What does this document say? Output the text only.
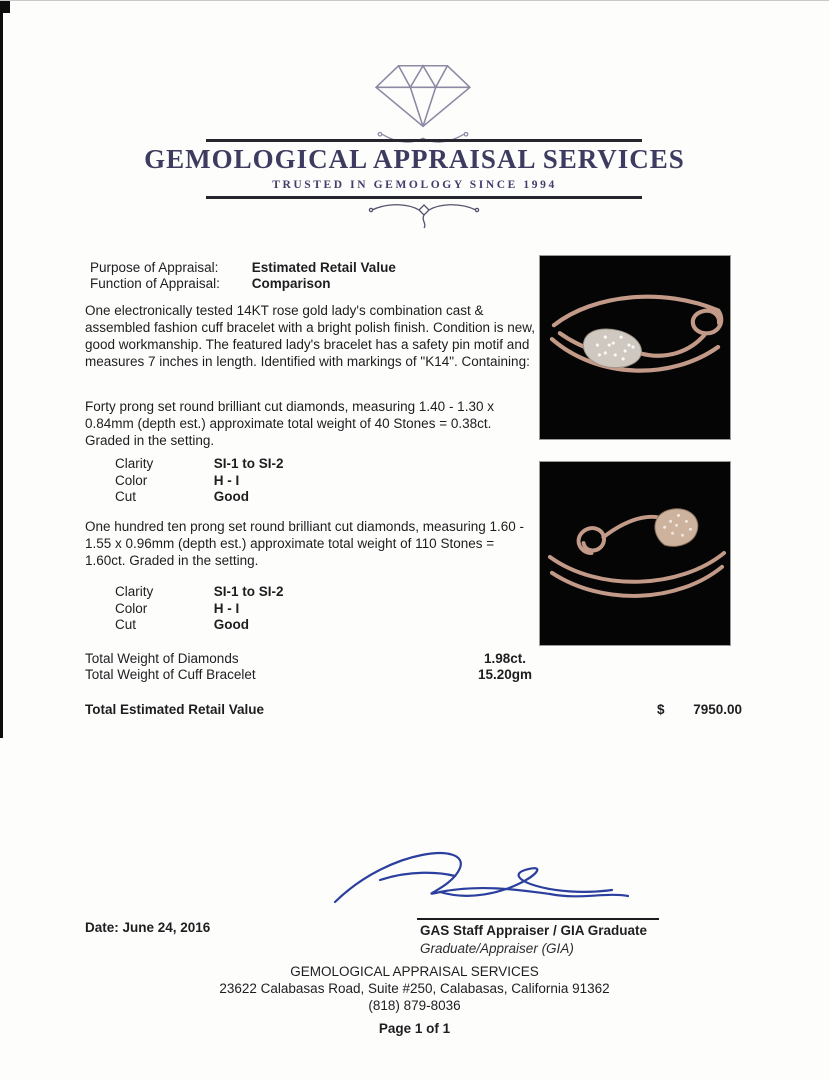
GEMOLOGICAL APPRAISAL SERVICES
TRUSTED IN GEMOLOGY SINCE 1994
Purpose of Appraisal: Estimated Retail Value
Function of Appraisal: Comparison

One electronically tested 14KT rose gold lady's combination cast & assembled fashion cuff bracelet with a bright polish finish. Condition is new, good workmanship. The featured lady's bracelet has a safety pin motif and measures 7 inches in length. Identified with markings of "K14". Containing:

Forty prong set round brilliant cut diamonds, measuring 1.40 - 1.30 x 0.84mm (depth est.) approximate total weight of 40 Stones = 0.38ct. Graded in the setting.

Clarity	SI-1 to SI-2
Color	H - I
Cut	Good

One hundred ten prong set round brilliant cut diamonds, measuring 1.60 - 1.55 x 0.96mm (depth est.) approximate total weight of 110 Stones = 1.60ct. Graded in the setting.

Clarity	SI-1 to SI-2
Color	H - I
Cut	Good
Total Weight of Diamonds	1.98ct.
Total Weight of Cuff Bracelet	15.20gm
Total Estimated Retail Value	$	7950.00
Date: June 24, 2016	GAS Staff Appraiser / GIA Graduate
Graduate/Appraiser (GIA)
GEMOLOGICAL APPRAISAL SERVICES
23622 Calabasas Road, Suite #250, Calabasas, California 91362
(818) 879-8036
Page 1 of 1
